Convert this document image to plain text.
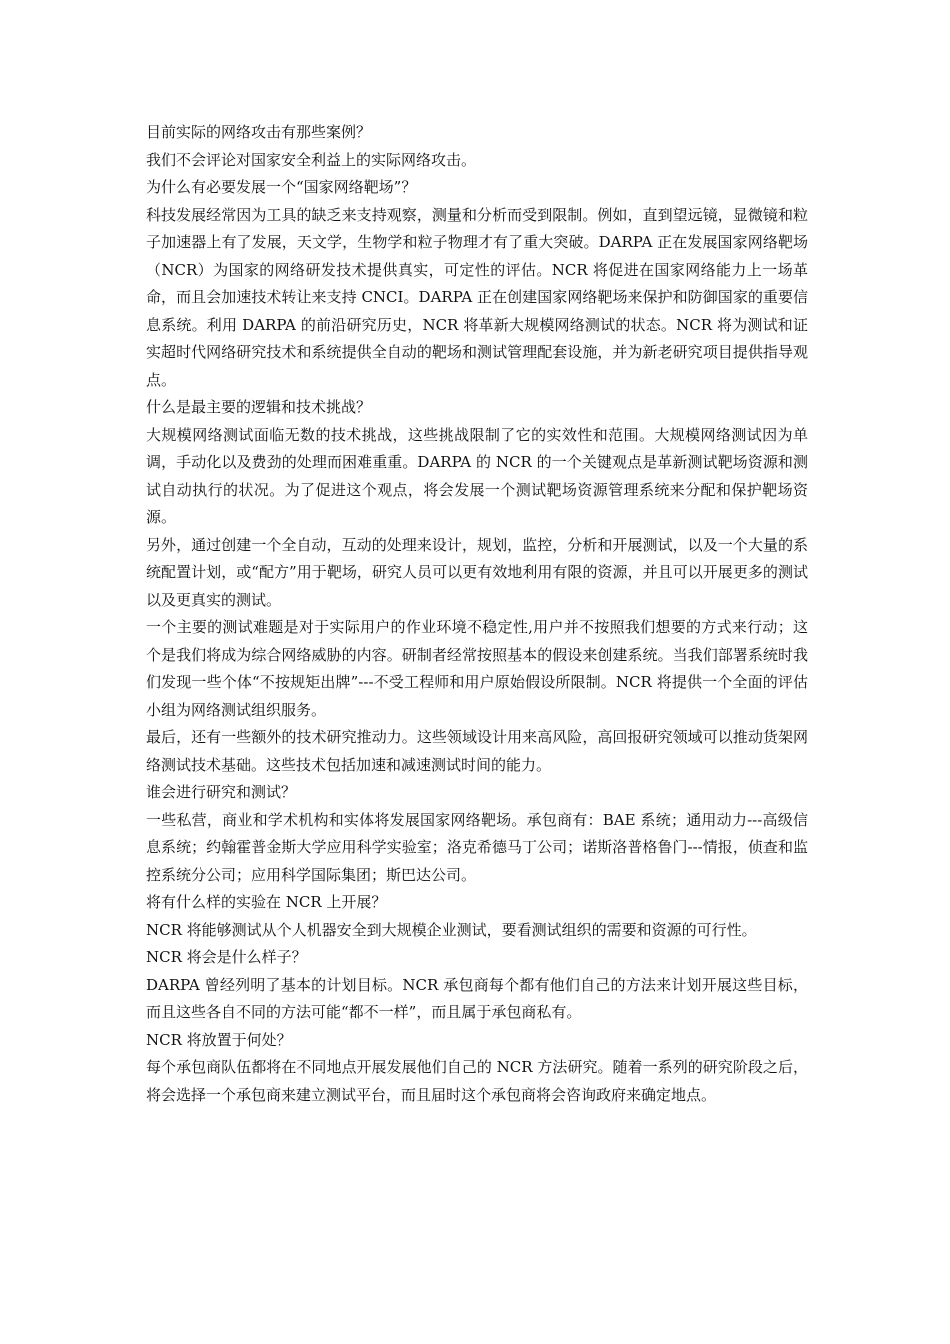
目前实际的网络攻击有那些案例？

我们不会评论对国家安全利益上的实际网络攻击。

为什么有必要发展一个“国家网络靶场”？

科技发展经常因为工具的缺乏来支持观察，测量和分析而受到限制。例如，直到望远镜，显微镜和粒子加速器上有了发展，天文学，生物学和粒子物理才有了重大突破。DARPA 正在发展国家网络靶场（NCR）为国家的网络研发技术提供真实，可定性的评估。NCR 将促进在国家网络能力上一场革命，而且会加速技术转让来支持 CNCI。DARPA 正在创建国家网络靶场来保护和防御国家的重要信息系统。利用 DARPA 的前沿研究历史，NCR 将革新大规模网络测试的状态。NCR 将为测试和证实超时代网络研究技术和系统提供全自动的靶场和测试管理配套设施，并为新老研究项目提供指导观点。

什么是最主要的逻辑和技术挑战？

大规模网络测试面临无数的技术挑战，这些挑战限制了它的实效性和范围。大规模网络测试因为单调，手动化以及费劲的处理而困难重重。DARPA 的 NCR 的一个关键观点是革新测试靶场资源和测试自动执行的状况。为了促进这个观点，将会发展一个测试靶场资源管理系统来分配和保护靶场资源。

另外，通过创建一个全自动，互动的处理来设计，规划，监控，分析和开展测试，以及一个大量的系统配置计划，或“配方”用于靶场，研究人员可以更有效地利用有限的资源，并且可以开展更多的测试以及更真实的测试。

一个主要的测试难题是对于实际用户的作业环境不稳定性,用户并不按照我们想要的方式来行动；这个是我们将成为综合网络威胁的内容。研制者经常按照基本的假设来创建系统。当我们部署系统时我们发现一些个体“不按规矩出牌”---不受工程师和用户原始假设所限制。NCR 将提供一个全面的评估小组为网络测试组织服务。

最后，还有一些额外的技术研究推动力。这些领域设计用来高风险，高回报研究领域可以推动货架网络测试技术基础。这些技术包括加速和减速测试时间的能力。

谁会进行研究和测试？

一些私营，商业和学术机构和实体将发展国家网络靶场。承包商有：BAE 系统；通用动力---高级信息系统；约翰霍普金斯大学应用科学实验室；洛克希德马丁公司；诺斯洛普格鲁门---情报，侦查和监控系统分公司；应用科学国际集团；斯巴达公司。

将有什么样的实验在 NCR 上开展？

NCR 将能够测试从个人机器安全到大规模企业测试，要看测试组织的需要和资源的可行性。

NCR 将会是什么样子？

DARPA 曾经列明了基本的计划目标。NCR 承包商每个都有他们自己的方法来计划开展这些目标，而且这些各自不同的方法可能“都不一样”，而且属于承包商私有。

NCR 将放置于何处？

每个承包商队伍都将在不同地点开展发展他们自己的 NCR 方法研究。随着一系列的研究阶段之后，将会选择一个承包商来建立测试平台，而且届时这个承包商将会咨询政府来确定地点。
